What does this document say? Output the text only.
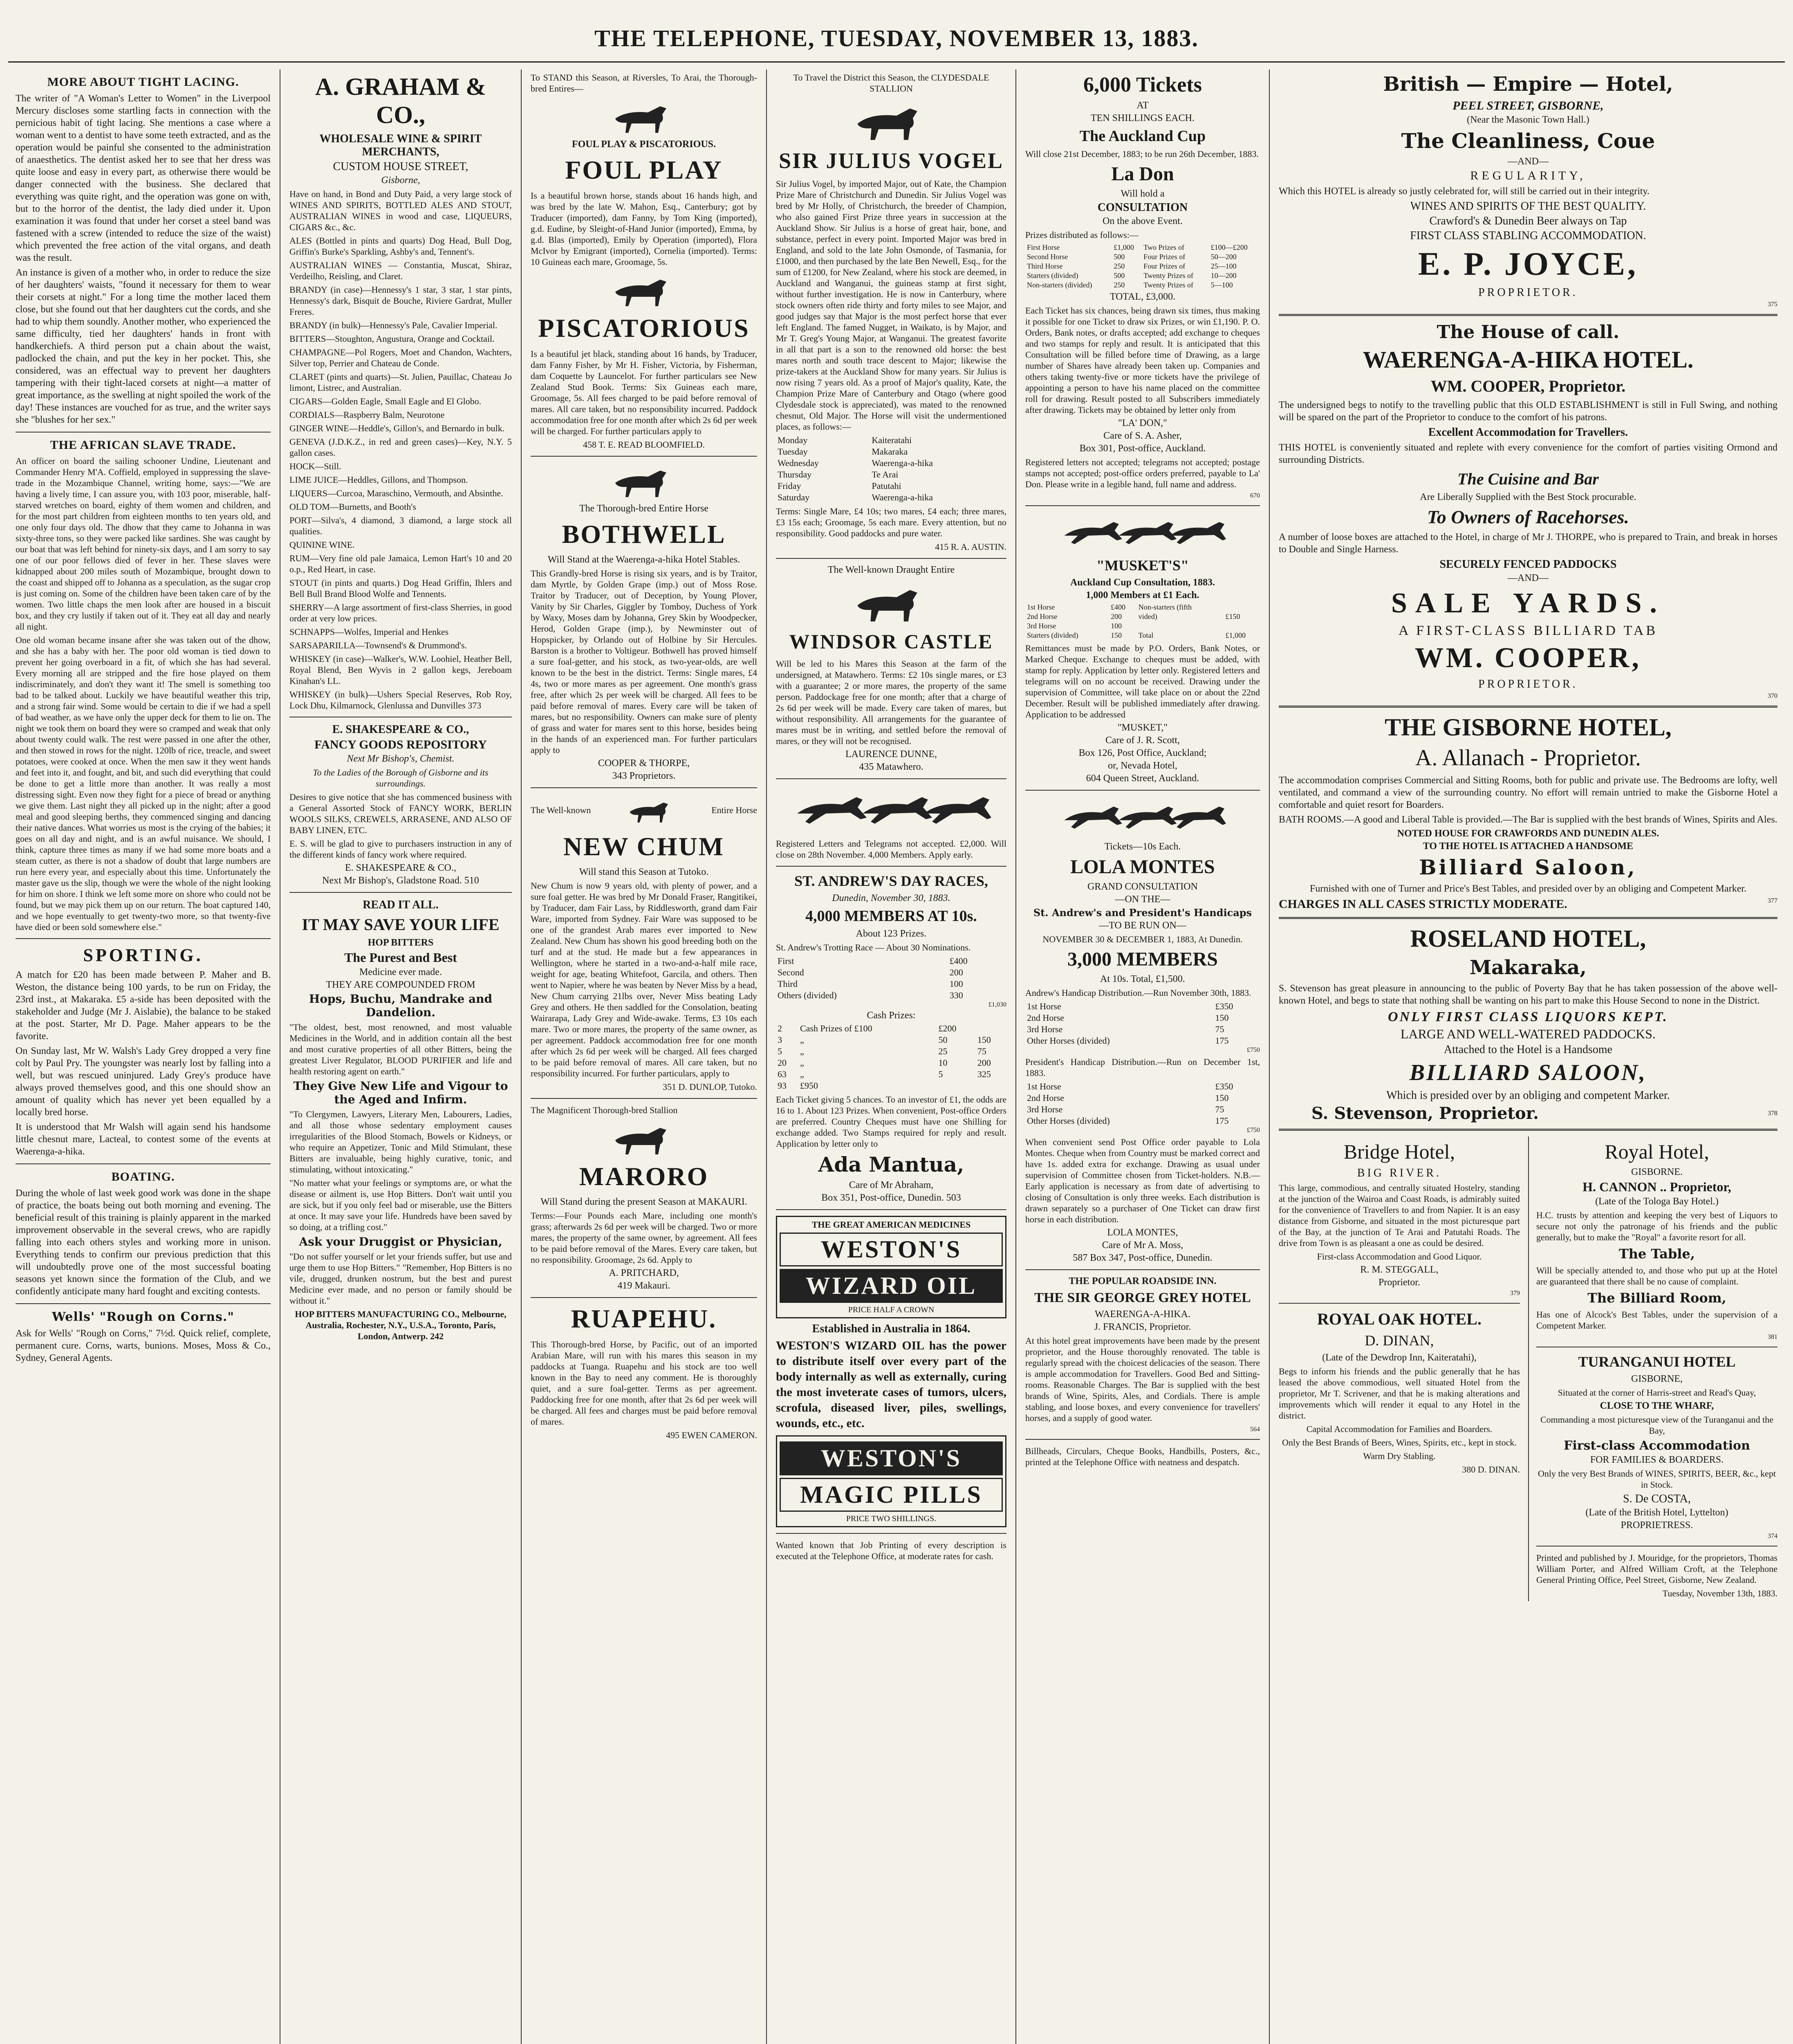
THE TELEPHONE, TUESDAY, NOVEMBER 13, 1883.
MORE ABOUT TIGHT LACING.

The writer of "A Woman's Letter to Women" in the Liverpool Mercury discloses some startling facts in connection with the pernicious habit of tight lacing. She mentions a case where a woman went to a dentist to have some teeth extracted, and as the operation would be painful she consented to the administration of anaesthetics. The dentist asked her to see that her dress was quite loose and easy in every part, as otherwise there would be danger connected with the business. She declared that everything was quite right, and the operation was gone on with, but to the horror of the dentist, the lady died under it. Upon examination it was found that under her corset a steel band was fastened with a screw (intended to reduce the size of the waist) which prevented the free action of the vital organs, and death was the result.

An instance is given of a mother who, in order to reduce the size of her daughters' waists, "found it necessary for them to wear their corsets at night." For a long time the mother laced them close, but she found out that her daughters cut the cords, and she had to whip them soundly. Another mother, who experienced the same difficulty, tied her daughters' hands in front with handkerchiefs. A third person put a chain about the waist, padlocked the chain, and put the key in her pocket. This, she considered, was an effectual way to prevent her daughters tampering with their tight-laced corsets at night—a matter of great importance, as the swelling at night spoiled the work of the day! These instances are vouched for as true, and the writer says she "blushes for her sex."

THE AFRICAN SLAVE TRADE.

An officer on board the sailing schooner Undine, Lieutenant and Commander Henry M'A. Coffield, employed in suppressing the slave-trade in the Mozambique Channel, writing home, says:—"We are having a lively time, I can assure you, with 103 poor, miserable, half-starved wretches on board, eighty of them women and children, and for the most part children from eighteen months to ten years old, and one only four days old. The dhow that they came to Johanna in was sixty-three tons, so they were packed like sardines. She was caught by our boat that was left behind for ninety-six days, and I am sorry to say one of our poor fellows died of fever in her. These slaves were kidnapped about 200 miles south of Mozambique, brought down to the coast and shipped off to Johanna as a speculation, as the sugar crop is just coming on. Some of the children have been taken care of by the women. Two little chaps the men look after are housed in a biscuit box, and they cry lustily if taken out of it. They eat all day and nearly all night.

One old woman became insane after she was taken out of the dhow, and she has a baby with her. The poor old woman is tied down to prevent her going overboard in a fit, of which she has had several. Every morning all are stripped and the fire hose played on them indiscriminately, and don't they want it! The smell is something too bad to be talked about. Luckily we have beautiful weather this trip, and a strong fair wind. Some would be certain to die if we had a spell of bad weather, as we have only the upper deck for them to lie on. The night we took them on board they were so cramped and weak that only about twenty could walk. The rest were passed in one after the other, and then stowed in rows for the night. 120lb of rice, treacle, and sweet potatoes, were cooked at once. When the men saw it they went hands and feet into it, and fought, and bit, and such did everything that could be done to get a little more than another. It was really a most distressing sight. Even now they fight for a piece of bread or anything we give them. Last night they all picked up in the night; after a good meal and good sleeping berths, they commenced singing and dancing their native dances. What worries us most is the crying of the babies; it goes on all day and night, and is an awful nuisance. We should, I think, capture three times as many if we had some more boats and a steam cutter, as there is not a shadow of doubt that large numbers are run here every year, and especially about this time. Unfortunately the master gave us the slip, though we were the whole of the night looking for him on shore. I think we left some more on shore who could not be found, but we may pick them up on our return. The boat captured 140, and we hope eventually to get twenty-two more, so that twenty-five have died or been sold somewhere else."

SPORTING.

A match for £20 has been made between P. Maher and B. Weston, the distance being 100 yards, to be run on Friday, the 23rd inst., at Makaraka. £5 a-side has been deposited with the stakeholder and Judge (Mr J. Aislabie), the balance to be staked at the post. Starter, Mr D. Page. Maher appears to be the favorite.

On Sunday last, Mr W. Walsh's Lady Grey dropped a very fine colt by Paul Pry. The youngster was nearly lost by falling into a well, but was rescued uninjured. Lady Grey's produce have always proved themselves good, and this one should show an amount of quality which has never yet been equalled by a locally bred horse.

It is understood that Mr Walsh will again send his handsome little chesnut mare, Lacteal, to contest some of the events at Waerenga-a-hika.

BOATING.

During the whole of last week good work was done in the shape of practice, the boats being out both morning and evening. The beneficial result of this training is plainly apparent in the marked improvement observable in the several crews, who are rapidly falling into each others styles and working more in unison. Everything tends to confirm our previous prediction that this will undoubtedly prove one of the most successful boating seasons yet known since the formation of the Club, and we confidently anticipate many hard fought and exciting contests.

Wells' "Rough on Corns."

Ask for Wells' "Rough on Corns," 7½d. Quick relief, complete, permanent cure. Corns, warts, bunions. Moses, Moss & Co., Sydney, General Agents.

A. GRAHAM & CO.,
WHOLESALE WINE & SPIRIT MERCHANTS,
CUSTOM HOUSE STREET,
Gisborne,

Have on hand, in Bond and Duty Paid, a very large stock of WINES AND SPIRITS, BOTTLED ALES AND STOUT, AUSTRALIAN WINES in wood and case, LIQUEURS, CIGARS &c., &c.

ALES (Bottled in pints and quarts) Dog Head, Bull Dog, Griffin's Burke's Sparkling, Ashby's and, Tennent's.

AUSTRALIAN WINES — Constantia, Muscat, Shiraz, Verdeilho, Reisling, and Claret.

BRANDY (in case)—Hennessy's 1 star, 3 star, 1 star pints, Hennessy's dark, Bisquit de Bouche, Riviere Gardrat, Muller Freres.

BRANDY (in bulk)—Hennessy's Pale, Cavalier Imperial.

BITTERS—Stoughton, Angustura, Orange and Cocktail.

CHAMPAGNE—Pol Rogers, Moet and Chandon, Wachters, Silver top, Perrier and Chateau de Conde.

CLARET (pints and quarts)—St. Julien, Pauillac, Chateau Jo limont, Listrec, and Australian.

CIGARS—Golden Eagle, Small Eagle and El Globo.

CORDIALS—Raspberry Balm, Neurotone

GINGER WINE—Heddle's, Gillon's, and Bernardo in bulk.

GENEVA (J.D.K.Z., in red and green cases)—Key, N.Y. 5 gallon cases.

HOCK—Still.

LIME JUICE—Heddles, Gillons, and Thompson.

LIQUERS—Curcoa, Maraschino, Vermouth, and Absinthe.

OLD TOM—Burnetts, and Booth's

PORT—Silva's, 4 diamond, 3 diamond, a large stock all qualities.

QUININE WINE.

RUM—Very fine old pale Jamaica, Lemon Hart's 10 and 20 o.p., Red Heart, in case.

STOUT (in pints and quarts.) Dog Head Griffin, Ihlers and Bell Bull Brand Blood Wolfe and Tennents.

SHERRY—A large assortment of first-class Sherries, in good order at very low prices.

SCHNAPPS—Wolfes, Imperial and Henkes

SARSAPARILLA—Townsend's & Drummond's.

WHISKEY (in case)—Walker's, W.W. Loohiel, Heather Bell, Royal Blend, Ben Wyvis in 2 gallon kegs, Jereboam Kinahan's LL.

WHISKEY (in bulk)—Ushers Special Reserves, Rob Roy, Lock Dhu, Kilmarnock, Glenlussa and Dunvilles 373

E. SHAKESPEARE & CO.,
FANCY GOODS REPOSITORY
Next Mr Bishop's, Chemist.

To the Ladies of the Borough of Gisborne and its surroundings.

Desires to give notice that she has commenced business with a General Assorted Stock of FANCY WORK, BERLIN WOOLS SILKS, CREWELS, ARRASENE, AND ALSO OF BABY LINEN, ETC.

E. S. will be glad to give to purchasers instruction in any of the different kinds of fancy work where required.

E. SHAKESPEARE & CO.,
Next Mr Bishop's, Gladstone Road. 510
READ IT ALL.
IT MAY SAVE YOUR LIFE
HOP BITTERS
The Purest and Best
Medicine ever made.
THEY ARE COMPOUNDED FROM
Hops, Buchu, Mandrake and Dandelion.

"The oldest, best, most renowned, and most valuable Medicines in the World, and in addition contain all the best and most curative properties of all other Bitters, being the greatest Liver Regulator, BLOOD PURIFIER and life and health restoring agent on earth."

They Give New Life and Vigour to the Aged and Infirm.

"To Clergymen, Lawyers, Literary Men, Labourers, Ladies, and all those whose sedentary employment causes irregularities of the Blood Stomach, Bowels or Kidneys, or who require an Appetizer, Tonic and Mild Stimulant, these Bitters are invaluable, being highly curative, tonic, and stimulating, without intoxicating."

"No matter what your feelings or symptoms are, or what the disease or ailment is, use Hop Bitters. Don't wait until you are sick, but if you only feel bad or miserable, use the Bitters at once. It may save your life. Hundreds have been saved by so doing, at a trifling cost."

Ask your Druggist or Physician,

"Do not suffer yourself or let your friends suffer, but use and urge them to use Hop Bitters." "Remember, Hop Bitters is no vile, drugged, drunken nostrum, but the best and purest Medicine ever made, and no person or family should be without it."

HOP BITTERS MANUFACTURING CO., Melbourne, Australia, Rochester, N.Y., U.S.A., Toronto, Paris, London, Antwerp. 242

To STAND this Season, at Riversles, To Arai, the Thorough-bred Entires—

FOUL PLAY & PISCATORIOUS.
FOUL PLAY

Is a beautiful brown horse, stands about 16 hands high, and was bred by the late W. Mahon, Esq., Canterbury; got by Traducer (imported), dam Fanny, by Tom King (imported), g.d. Eudine, by Sleight-of-Hand Junior (imported), Emma, by g.d. Blas (imported), Emily by Operation (imported), Flora McIvor by Emigrant (imported), Cornelia (imported). Terms: 10 Guineas each mare, Groomage, 5s.

PISCATORIOUS

Is a beautiful jet black, standing about 16 hands, by Traducer, dam Fanny Fisher, by Mr H. Fisher, Victoria, by Fisherman, dam Coquette by Launcelot. For further particulars see New Zealand Stud Book. Terms: Six Guineas each mare, Groomage, 5s. All fees charged to be paid before removal of mares. All care taken, but no responsibility incurred. Paddock accommodation free for one month after which 2s 6d per week will be charged. For further particulars apply to

458 T. E. READ BLOOMFIELD.

The Thorough-bred Entire Horse
BOTHWELL
Will Stand at the Waerenga-a-hika Hotel Stables.

This Grandly-bred Horse is rising six years, and is by Traitor, dam Myrtle, by Golden Grape (imp.) out of Moss Rose. Traitor by Traducer, out of Deception, by Young Plover, Vanity by Sir Charles, Giggler by Tomboy, Duchess of York by Waxy, Moses dam by Johanna, Grey Skin by Woodpecker, Herod, Golden Grape (imp.), by Newminster out of Hopspicker, by Orlando out of Holbine by Sir Hercules. Barston is a brother to Voltigeur. Bothwell has proved himself a sure foal-getter, and his stock, as two-year-olds, are well known to be the best in the district. Terms: Single mares, £4 4s, two or more mares as per agreement. One month's grass free, after which 2s per week will be charged. All fees to be paid before removal of mares. Every care will be taken of mares, but no responsibility. Owners can make sure of plenty of grass and water for mares sent to this horse, besides being in the hands of an experienced man. For further particulars apply to

COOPER & THORPE,
343 Proprietors.
The Well-known	Entire Horse
NEW CHUM
Will stand this Season at Tutoko.

New Chum is now 9 years old, with plenty of power, and a sure foal getter. He was bred by Mr Donald Fraser, Rangitikei, by Traducer, dam Fair Lass, by Riddlesworth, grand dam Fair Ware, imported from Sydney. Fair Ware was supposed to be one of the grandest Arab mares ever imported to New Zealand. New Chum has shown his good breeding both on the turf and at the stud. He made but a few appearances in Wellington, where he started in a two-and-a-half mile race, weight for age, beating Whitefoot, Garcila, and others. Then went to Napier, where he was beaten by Never Miss by a head, New Chum carrying 21lbs over, Never Miss beating Lady Grey and others. He then saddled for the Consolation, beating Wairarapa, Lady Grey and Wide-awake. Terms, £3 10s each mare. Two or more mares, the property of the same owner, as per agreement. Paddock accommodation free for one month after which 2s 6d per week will be charged. All fees charged to be paid before removal of mares. All care taken, but no responsibility incurred. For further particulars, apply to

351 D. DUNLOP, Tutoko.

The Magnificent Thorough-bred Stallion

MARORO
Will Stand during the present Season at MAKAURI.

Terms:—Four Pounds each Mare, including one month's grass; afterwards 2s 6d per week will be charged. Two or more mares, the property of the same owner, by agreement. All fees to be paid before removal of the Mares. Every care taken, but no responsibility. Groomage, 2s 6d. Apply to

A. PRITCHARD,
419 Makauri.
RUAPEHU.

This Thorough-bred Horse, by Pacific, out of an imported Arabian Mare, will run with his mares this season in my paddocks at Tuanga. Ruapehu and his stock are too well known in the Bay to need any comment. He is thoroughly quiet, and a sure foal-getter. Terms as per agreement. Paddocking free for one month, after that 2s 6d per week will be charged. All fees and charges must be paid before removal of mares.

495 EWEN CAMERON.

To Travel the District this Season, the CLYDESDALE STALLION

SIR JULIUS VOGEL

Sir Julius Vogel, by imported Major, out of Kate, the Champion Prize Mare of Christchurch and Dunedin. Sir Julius Vogel was bred by Mr Holly, of Christchurch, the breeder of Champion, who also gained First Prize three years in succession at the Auckland Show. Sir Julius is a horse of great hair, bone, and substance, perfect in every point. Imported Major was bred in England, and sold to the late John Osmonde, of Tasmania, for £1000, and then purchased by the late Ben Newell, Esq., for the sum of £1200, for New Zealand, where his stock are deemed, in Auckland and Wanganui, the guineas stamp at first sight, without further investigation. He is now in Canterbury, where stock owners often ride thirty and forty miles to see Major, and good judges say that Major is the most perfect horse that ever left England. The famed Nugget, in Waikato, is by Major, and Mr T. Greg's Young Major, at Wanganui. The greatest favorite in all that part is a son to the renowned old horse: the best mares north and south trace descent to Major; likewise the prize-takers at the Auckland Show for many years. Sir Julius is now rising 7 years old. As a proof of Major's quality, Kate, the Champion Prize Mare of Canterbury and Otago (where good Clydesdale stock is appreciated), was mated to the renowned chesnut, Old Major. The Horse will visit the undermentioned places, as follows:—

Monday	Kaiteratahi
Tuesday	Makaraka
Wednesday	Waerenga-a-hika
Thursday	Te Arai
Friday	Patutahi
Saturday	Waerenga-a-hika

Terms: Single Mare, £4 10s; two mares, £4 each; three mares, £3 15s each; Groomage, 5s each mare. Every attention, but no responsibility. Good paddocks and pure water.

415 R. A. AUSTIN.

The Well-known Draught Entire
WINDSOR CASTLE

Will be led to his Mares this Season at the farm of the undersigned, at Matawhero. Terms: £2 10s single mares, or £3 with a guarantee; 2 or more mares, the property of the same person. Paddockage free for one month; after that a charge of 2s 6d per week will be made. Every care taken of mares, but without responsibility. All arrangements for the guarantee of mares must be in writing, and settled before the removal of mares, or they will not be recognised.

LAURENCE DUNNE,
435 Matawhero.

Registered Letters and Telegrams not accepted. £2,000. Will close on 28th November. 4,000 Members. Apply early.

ST. ANDREW'S DAY RACES,
Dunedin, November 30, 1883.
4,000 MEMBERS AT 10s.
About 123 Prizes.

St. Andrew's Trotting Race — About 30 Nominations.

First	£400
Second	200
Third	100
Others (divided)	330
£1,030
Cash Prizes:
2	Cash Prizes of £100	£200	
3	„	50	150
5	„	25	75
20	„	10	200
63	„	5	325
93	£950		

Each Ticket giving 5 chances. To an investor of £1, the odds are 16 to 1. About 123 Prizes. When convenient, Post-office Orders are preferred. Country Cheques must have one Shilling for exchange added. Two Stamps required for reply and result. Application by letter only to

Ada Mantua,
Care of Mr Abraham,
Box 351, Post-office, Dunedin. 503
THE GREAT AMERICAN MEDICINES
WESTON'S
WIZARD OIL
PRICE HALF A CROWN
Established in Australia in 1864.

WESTON'S WIZARD OIL has the power to distribute itself over every part of the body internally as well as externally, curing the most inveterate cases of tumors, ulcers, scrofula, diseased liver, piles, swellings, wounds, etc., etc.

WESTON'S
MAGIC PILLS
PRICE TWO SHILLINGS.

Wanted known that Job Printing of every description is executed at the Telephone Office, at moderate rates for cash.

6,000 Tickets
AT
TEN SHILLINGS EACH.
The Auckland Cup

Will close 21st December, 1883; to be run 26th December, 1883.

La Don
Will hold a
CONSULTATION
On the above Event.

Prizes distributed as follows:—

First Horse	£1,000	Two Prizes of	£100—£200
Second Horse	500	Four Prizes of	50—200
Third Horse	250	Four Prizes of	25—100
Starters (divided)	500	Twenty Prizes of	10—200
Non-starters (divided)	250	Twenty Prizes of	5—100
TOTAL, £3,000.

Each Ticket has six chances, being drawn six times, thus making it possible for one Ticket to draw six Prizes, or win £1,190. P. O. Orders, Bank notes, or drafts accepted; add exchange to cheques and two stamps for reply and result. It is anticipated that this Consultation will be filled before time of Drawing, as a large number of Shares have already been taken up. Companies and others taking twenty-five or more tickets have the privilege of appointing a person to have his name placed on the committee roll for drawing. Result posted to all Subscribers immediately after drawing. Tickets may be obtained by letter only from

"LA' DON,"
Care of S. A. Asher,
Box 301, Post-office, Auckland.

Registered letters not accepted; telegrams not accepted; postage stamps not accepted; post-office orders preferred, payable to La' Don. Please write in a legible hand, full name and address.

670
"MUSKET'S"
Auckland Cup Consultation, 1883.
1,000 Members at £1 Each.
1st Horse	£400	Non-starters (fifth	
2nd Horse	200	vided)	£150
3rd Horse	100		
Starters (divided)	150	Total	£1,000

Remittances must be made by P.O. Orders, Bank Notes, or Marked Cheque. Exchange to cheques must be added, with stamp for reply. Application by letter only. Registered letters and telegrams will on no account be received. Drawing under the supervision of Committee, will take place on or about the 22nd December. Result will be published immediately after drawing. Application to be addressed

"MUSKET,"
Care of J. R. Scott,
Box 126, Post Office, Auckland;
or, Nevada Hotel,
604 Queen Street, Auckland.
Tickets—10s Each.
LOLA MONTES
GRAND CONSULTATION
—ON THE—
St. Andrew's and President's Handicaps
—TO BE RUN ON—

NOVEMBER 30 & DECEMBER 1, 1883, At Dunedin.

3,000 MEMBERS
At 10s. Total, £1,500.

Andrew's Handicap Distribution.—Run November 30th, 1883.

1st Horse	£350
2nd Horse	150
3rd Horse	75
Other Horses (divided)	175
£750

President's Handicap Distribution.—Run on December 1st, 1883.

1st Horse	£350
2nd Horse	150
3rd Horse	75
Other Horses (divided)	175
£750

When convenient send Post Office order payable to Lola Montes. Cheque when from Country must be marked correct and have 1s. added extra for exchange. Drawing as usual under supervision of Committee chosen from Ticket-holders. N.B.—Early application is necessary as from date of advertising to closing of Consultation is only three weeks. Each distribution is drawn separately so a purchaser of One Ticket can draw first horse in each distribution.

LOLA MONTES,
Care of Mr A. Moss,
587 Box 347, Post-office, Dunedin.
THE POPULAR ROADSIDE INN.
THE SIR GEORGE GREY HOTEL
WAERENGA-A-HIKA.
J. FRANCIS, Proprietor.

At this hotel great improvements have been made by the present proprietor, and the House thoroughly renovated. The table is regularly spread with the choicest delicacies of the season. There is ample accommodation for Travellers. Good Bed and Sitting-rooms. Reasonable Charges. The Bar is supplied with the best brands of Wine, Spirits, Ales, and Cordials. There is ample stabling, and loose boxes, and every convenience for travellers' horses, and a supply of good water.

564

Billheads, Circulars, Cheque Books, Handbills, Posters, &c., printed at the Telephone Office with neatness and despatch.

British — Empire — Hotel,
PEEL STREET, GISBORNE,
(Near the Masonic Town Hall.)
The Cleanliness, Coue
—AND—
REGULARITY,

Which this HOTEL is already so justly celebrated for, will still be carried out in their integrity.

WINES AND SPIRITS OF THE BEST QUALITY.
Crawford's & Dunedin Beer always on Tap
FIRST CLASS STABLING ACCOMMODATION.
E. P. JOYCE,
PROPRIETOR.
375
The House of call.
WAERENGA-A-HIKA HOTEL.
WM. COOPER, Proprietor.

The undersigned begs to notify to the travelling public that this OLD ESTABLISHMENT is still in Full Swing, and nothing will be spared on the part of the Proprietor to conduce to the comfort of his patrons.

Excellent Accommodation for Travellers.

THIS HOTEL is conveniently situated and replete with every convenience for the comfort of parties visiting Ormond and surrounding Districts.

The Cuisine and Bar
Are Liberally Supplied with the Best Stock procurable.
To Owners of Racehorses.

A number of loose boxes are attached to the Hotel, in charge of Mr J. THORPE, who is prepared to Train, and break in horses to Double and Single Harness.

SECURELY FENCED PADDOCKS
—AND—
SALE YARDS.
A FIRST-CLASS BILLIARD TAB
WM. COOPER,
PROPRIETOR.
370
THE GISBORNE HOTEL,
A. Allanach - Proprietor.

The accommodation comprises Commercial and Sitting Rooms, both for public and private use. The Bedrooms are lofty, well ventilated, and command a view of the surrounding country. No effort will remain untried to make the Gisborne Hotel a comfortable and quiet resort for Boarders.

BATH ROOMS.—A good and Liberal Table is provided.—The Bar is supplied with the best brands of Wines, Spirits and Ales.

NOTED HOUSE FOR CRAWFORDS AND DUNEDIN ALES.
TO THE HOTEL IS ATTACHED A HANDSOME
Billiard Saloon,

Furnished with one of Turner and Price's Best Tables, and presided over by an obliging and Competent Marker.

CHARGES IN ALL CASES STRICTLY MODERATE.	377
ROSELAND HOTEL,
Makaraka,

S. Stevenson has great pleasure in announcing to the public of Poverty Bay that he has taken possession of the above well-known Hotel, and begs to state that nothing shall be wanting on his part to make this House Second to none in the District.

ONLY FIRST CLASS LIQUORS KEPT.
LARGE AND WELL-WATERED PADDOCKS.
Attached to the Hotel is a Handsome
BILLIARD SALOON,
Which is presided over by an obliging and competent Marker.
S. Stevenson, Proprietor.	378
Bridge Hotel,
BIG RIVER.

This large, commodious, and centrally situated Hostelry, standing at the junction of the Wairoa and Coast Roads, is admirably suited for the convenience of Travellers to and from Napier. It is an easy distance from Gisborne, and situated in the most picturesque part of the Bay, at the junction of Te Arai and Patutahi Roads. The drive from Town is as pleasant a one as could be desired.

First-class Accommodation and Good Liquor.

R. M. STEGGALL,
Proprietor.
379
ROYAL OAK HOTEL.
D. DINAN,
(Late of the Dewdrop Inn, Kaiteratahi),

Begs to inform his friends and the public generally that he has leased the above commodious, well situated Hotel from the proprietor, Mr T. Scrivener, and that he is making alterations and improvements which will render it equal to any Hotel in the district.

Capital Accommodation for Families and Boarders.

Only the Best Brands of Beers, Wines, Spirits, etc., kept in stock.

Warm Dry Stabling.

380 D. DINAN.

Royal Hotel,
GISBORNE.
H. CANNON .. Proprietor,
(Late of the Tologa Bay Hotel.)

H.C. trusts by attention and keeping the very best of Liquors to secure not only the patronage of his friends and the public generally, but to make the "Royal" a favorite resort for all.

The Table,

Will be specially attended to, and those who put up at the Hotel are guaranteed that there shall be no cause of complaint.

The Billiard Room,

Has one of Alcock's Best Tables, under the supervision of a Competent Marker.

381
TURANGANUI HOTEL
GISBORNE,

Situated at the corner of Harris-street and Read's Quay,

CLOSE TO THE WHARF,

Commanding a most picturesque view of the Turanganui and the Bay,

First-class Accommodation
FOR FAMILIES & BOARDERS.

Only the very Best Brands of WINES, SPIRITS, BEER, &c., kept in Stock.

S. De COSTA,
(Late of the British Hotel, Lyttelton)
PROPRIETRESS.
374

Printed and published by J. Mouridge, for the proprietors, Thomas William Porter, and Alfred William Croft, at the Telephone General Printing Office, Peel Street, Gisborne, New Zealand.

Tuesday, November 13th, 1883.
